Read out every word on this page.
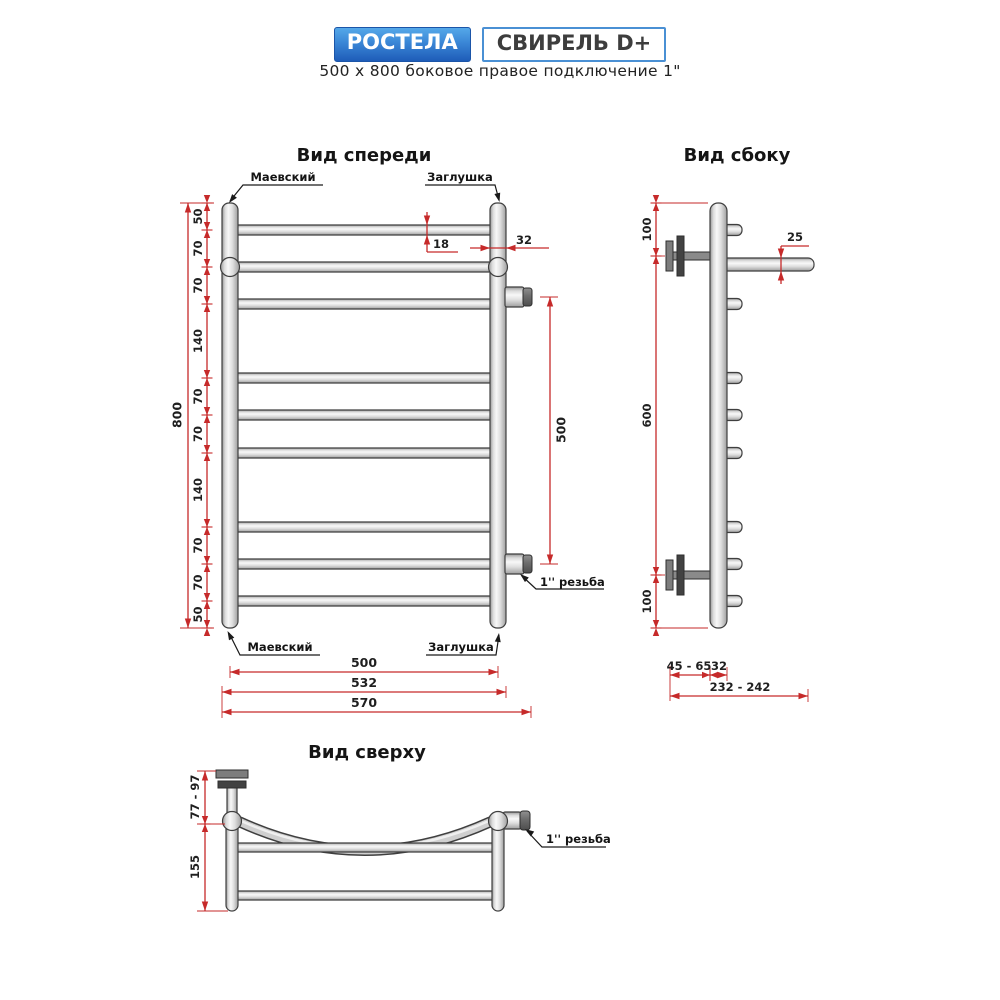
РОСТЕЛА	СВИРЕЛЬ D+
500 x 800 боковое правое подключение 1"
Вид спереди
Маевский	Заглушка
Маевский	Заглушка
1'' резьба
50
70
70
140
70
70
140
70
70
50
800
500
18	32
500
532
570
Вид сбоку
25
100
600
100
45 - 65 32
232 - 242
Вид сверху
1'' резьба
77 - 97
155
